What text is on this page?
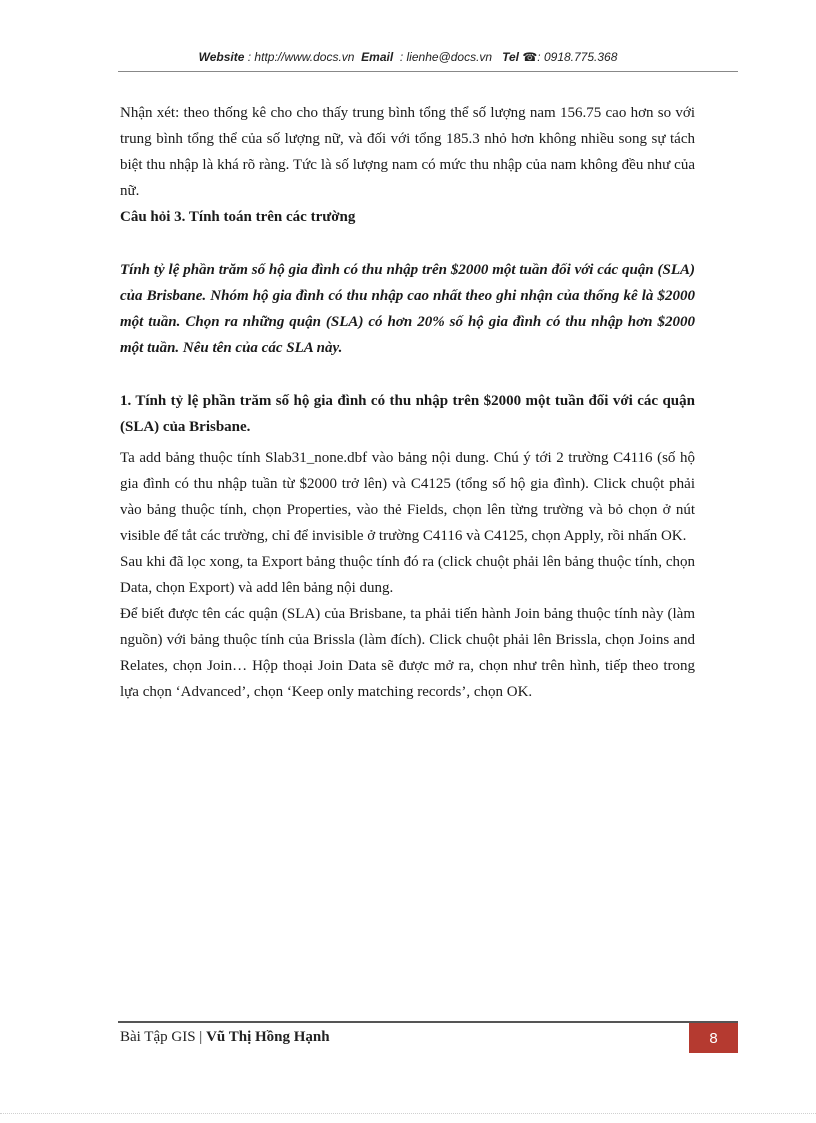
Website : http://www.docs.vn Email : lienhe@docs.vn Tel ☎: 0918.775.368

Nhận xét: theo thống kê cho cho thấy trung bình tổng thể số lượng nam 156.75 cao hơn so với trung bình tổng thể của số lượng nữ, và đối với tổng 185.3 nhỏ hơn không nhiều song sự tách biệt thu nhập là khá rõ ràng. Tức là số lượng nam có mức thu nhập của nam không đều như của nữ.

Câu hỏi 3. Tính toán trên các trường

Tính tỷ lệ phần trăm số hộ gia đình có thu nhập trên $2000 một tuần đối với các quận (SLA) của Brisbane. Nhóm hộ gia đình có thu nhập cao nhất theo ghi nhận của thống kê là $2000 một tuần. Chọn ra những quận (SLA) có hơn 20% số hộ gia đình có thu nhập hơn $2000 một tuần. Nêu tên của các SLA này.

1. Tính tỷ lệ phần trăm số hộ gia đình có thu nhập trên $2000 một tuần đối với các quận (SLA) của Brisbane.

Ta add bảng thuộc tính Slab31_none.dbf vào bảng nội dung. Chú ý tới 2 trường C4116 (số hộ gia đình có thu nhập tuần từ $2000 trở lên) và C4125 (tổng số hộ gia đình). Click chuột phải vào bảng thuộc tính, chọn Properties, vào thẻ Fields, chọn lên từng trường và bỏ chọn ở nút visible để tắt các trường, chỉ để invisible ở trường C4116 và C4125, chọn Apply, rồi nhấn OK.

Sau khi đã lọc xong, ta Export bảng thuộc tính đó ra (click chuột phải lên bảng thuộc tính, chọn Data, chọn Export) và add lên bảng nội dung.

Để biết được tên các quận (SLA) của Brisbane, ta phải tiến hành Join bảng thuộc tính này (làm nguồn) với bảng thuộc tính của Brissla (làm đích). Click chuột phải lên Brissla, chọn Joins and Relates, chọn Join… Hộp thoại Join Data sẽ được mở ra, chọn như trên hình, tiếp theo trong lựa chọn ‘Advanced’, chọn ‘Keep only matching records’, chọn OK.

Bài Tập GIS | Vũ Thị Hồng Hạnh	8
